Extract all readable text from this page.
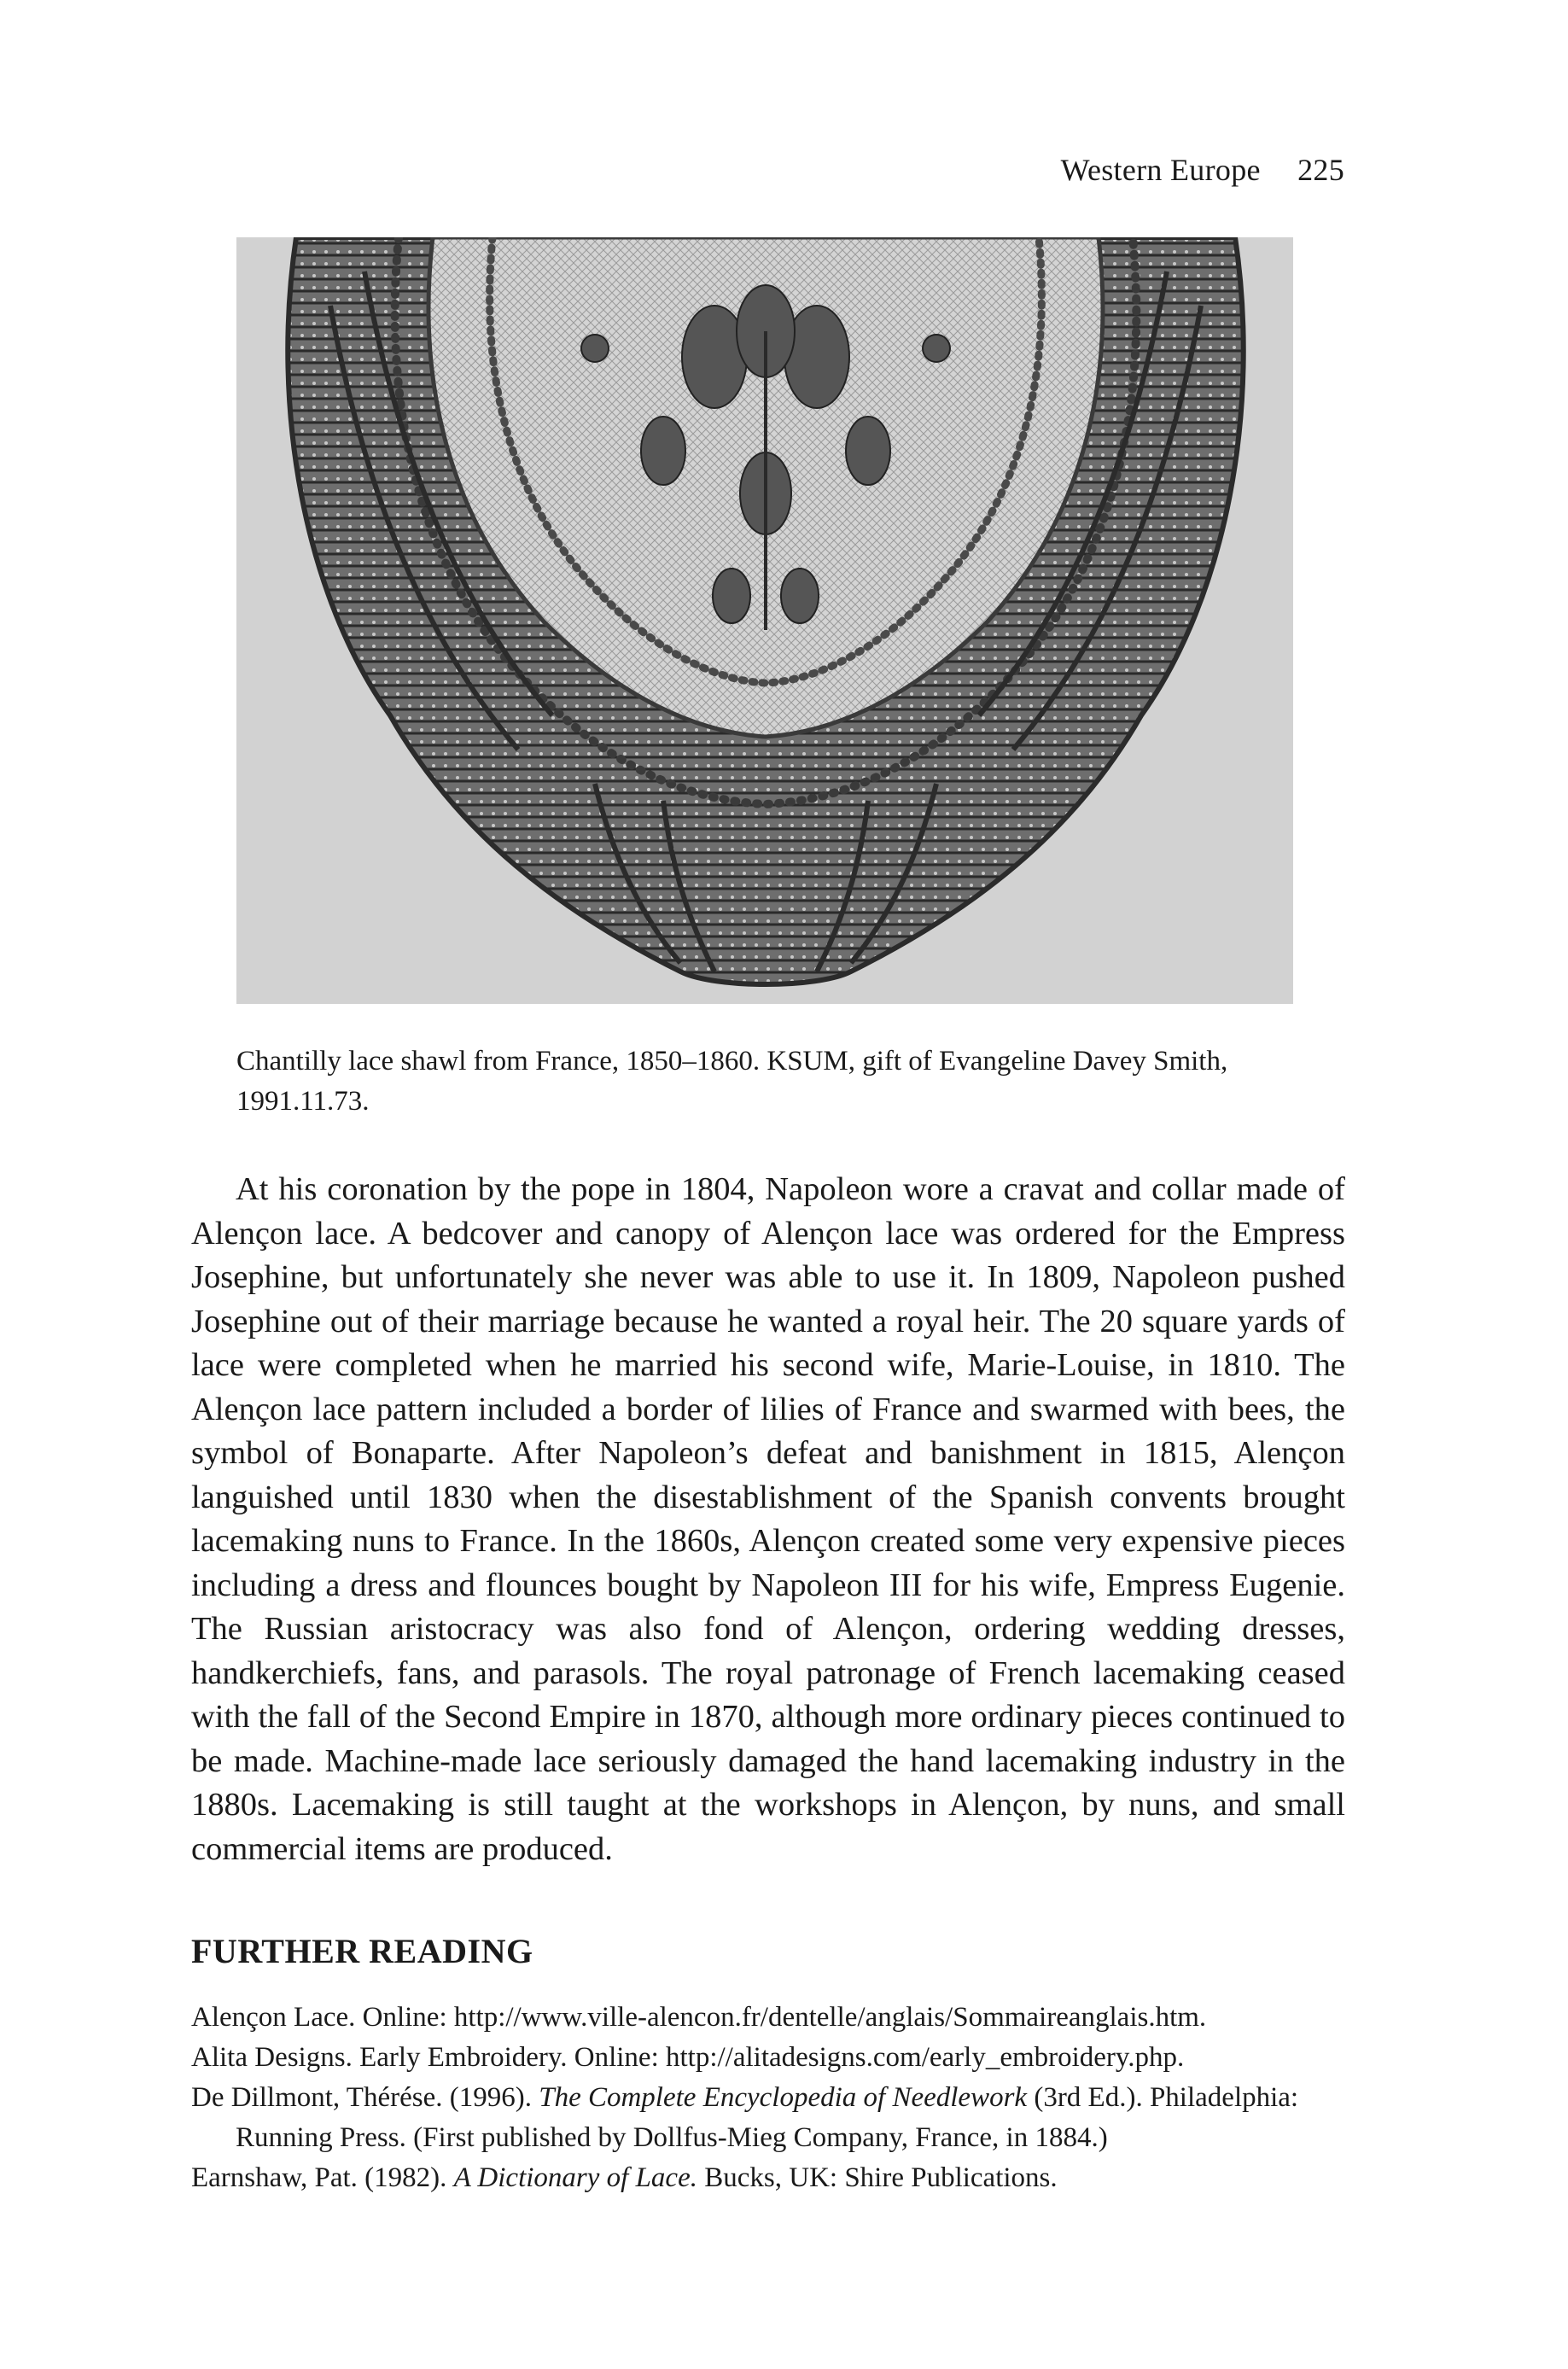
Western Europe 225
Chantilly lace shawl from France, 1850–1860. KSUM, gift of Evangeline Davey Smith, 1991.11.73.

At his coronation by the pope in 1804, Napoleon wore a cravat and collar made of Alençon lace. A bedcover and canopy of Alençon lace was ordered for the Empress Josephine, but unfortunately she never was able to use it. In 1809, Napoleon pushed Josephine out of their marriage because he wanted a royal heir. The 20 square yards of lace were completed when he married his second wife, Marie-Louise, in 1810. The Alençon lace pattern included a border of lilies of France and swarmed with bees, the symbol of Bonaparte. After Napoleon’s defeat and banishment in 1815, Alençon languished until 1830 when the disestablishment of the Spanish convents brought lacemaking nuns to France. In the 1860s, Alençon created some very expensive pieces including a dress and flounces bought by Napoleon III for his wife, Empress Eugenie. The Russian aristocracy was also fond of Alençon, ordering wedding dresses, handkerchiefs, fans, and parasols. The royal patronage of French lacemaking ceased with the fall of the Second Empire in 1870, although more ordinary pieces continued to be made. Machine-made lace seriously damaged the hand lacemaking industry in the 1880s. Lacemaking is still taught at the workshops in Alençon, by nuns, and small commercial items are produced.

FURTHER READING
Alençon Lace. Online: http://www.ville-alencon.fr/dentelle/anglais/Sommaireanglais.htm.
Alita Designs. Early Embroidery. Online: http://alitadesigns.com/early_embroidery.php.
De Dillmont, Thérése. (1996). The Complete Encyclopedia of Needlework (3rd Ed.). Philadelphia: Running Press. (First published by Dollfus-Mieg Company, France, in 1884.)
Earnshaw, Pat. (1982). A Dictionary of Lace. Bucks, UK: Shire Publications.
